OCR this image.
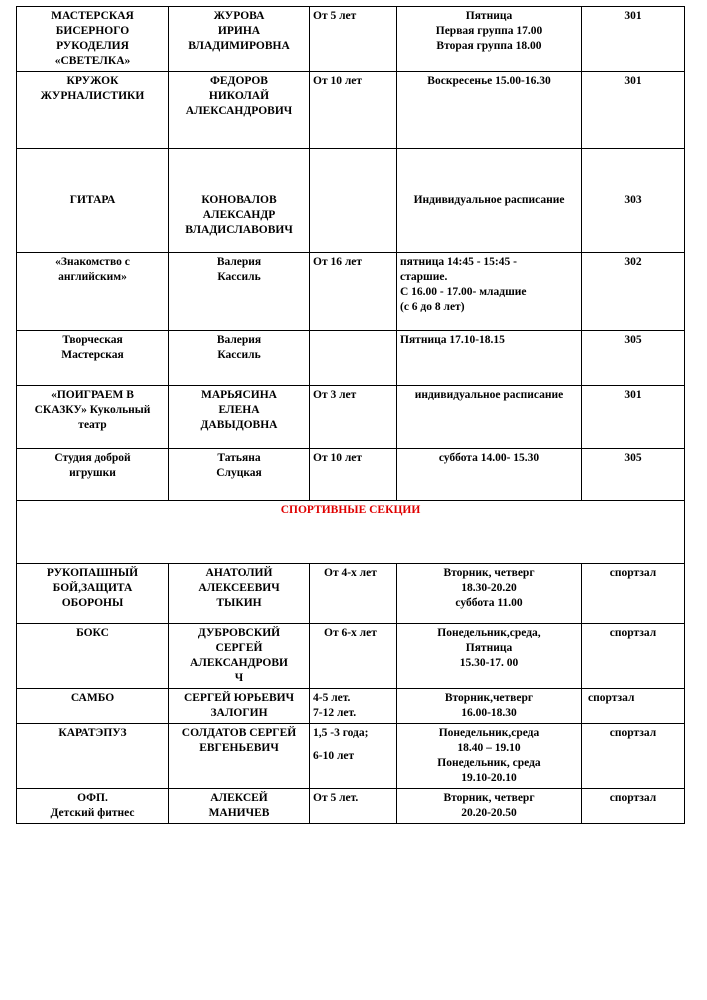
МАСТЕРСКАЯ
БИСЕРНОГО
РУКОДЕЛИЯ
«СВЕТЕЛКА»	ЖУРОВА
ИРИНА
ВЛАДИМИРОВНА	От 5 лет	Пятница
Первая группа 17.00
Вторая группа 18.00	301

КРУЖОК
ЖУРНАЛИСТИКИ	ФЕДОРОВ
НИКОЛАЙ
АЛЕКСАНДРОВИЧ	От 10 лет	Воскресенье 15.00-16.30	301
ГИТАРА	КОНОВАЛОВ
АЛЕКСАНДР
ВЛАДИСЛАВОВИЧ		Индивидуальное расписание	303

«Знакомство с
английским»	Валерия
Кассиль	От 16 лет	пятница 14:45 - 15:45 -
старшие.
С 16.00 - 17.00- младшие
(с 6 до 8 лет)	302

Творческая
Мастерская	Валерия
Кассиль		Пятница 17.10-18.15	305

«ПОИГРАЕМ В
СКАЗКУ» Кукольный
театр	МАРЬЯСИНА
ЕЛЕНА
ДАВЫДОВНА	От 3 лет	индивидуальное расписание	301

Студия доброй
игрушки	Татьяна
Слуцкая	От 10 лет	суббота 14.00- 15.30	305
СПОРТИВНЫЕ СЕКЦИИ				

РУКОПАШНЫЙ
БОЙ,ЗАЩИТА
ОБОРОНЫ	АНАТОЛИЙ
АЛЕКСЕЕВИЧ
ТЫКИН	От 4-х лет	Вторник, четверг
18.30-20.20
суббота 11.00	спортзал
БОКС	ДУБРОВСКИЙ
СЕРГЕЙ
АЛЕКСАНДРОВИ
Ч	От 6-х лет	Понедельник,среда,
Пятница
15.30-17. 00	спортзал
САМБО	СЕРГЕЙ ЮРЬЕВИЧ
ЗАЛОГИН	4-5 лет.
7-12 лет.	Вторник,четверг
16.00-18.30	спортзал
КАРАТЭПУЗ	СОЛДАТОВ СЕРГЕЙ
ЕВГЕНЬЕВИЧ	1,5 -3 года;
6-10 лет	Понедельник,среда
18.40 – 19.10
Понедельник, среда
19.10-20.10	спортзал

ОФП.
Детский фитнес	АЛЕКСЕЙ
МАНИЧЕВ	От 5 лет.	Вторник, четверг
20.20-20.50	спортзал
